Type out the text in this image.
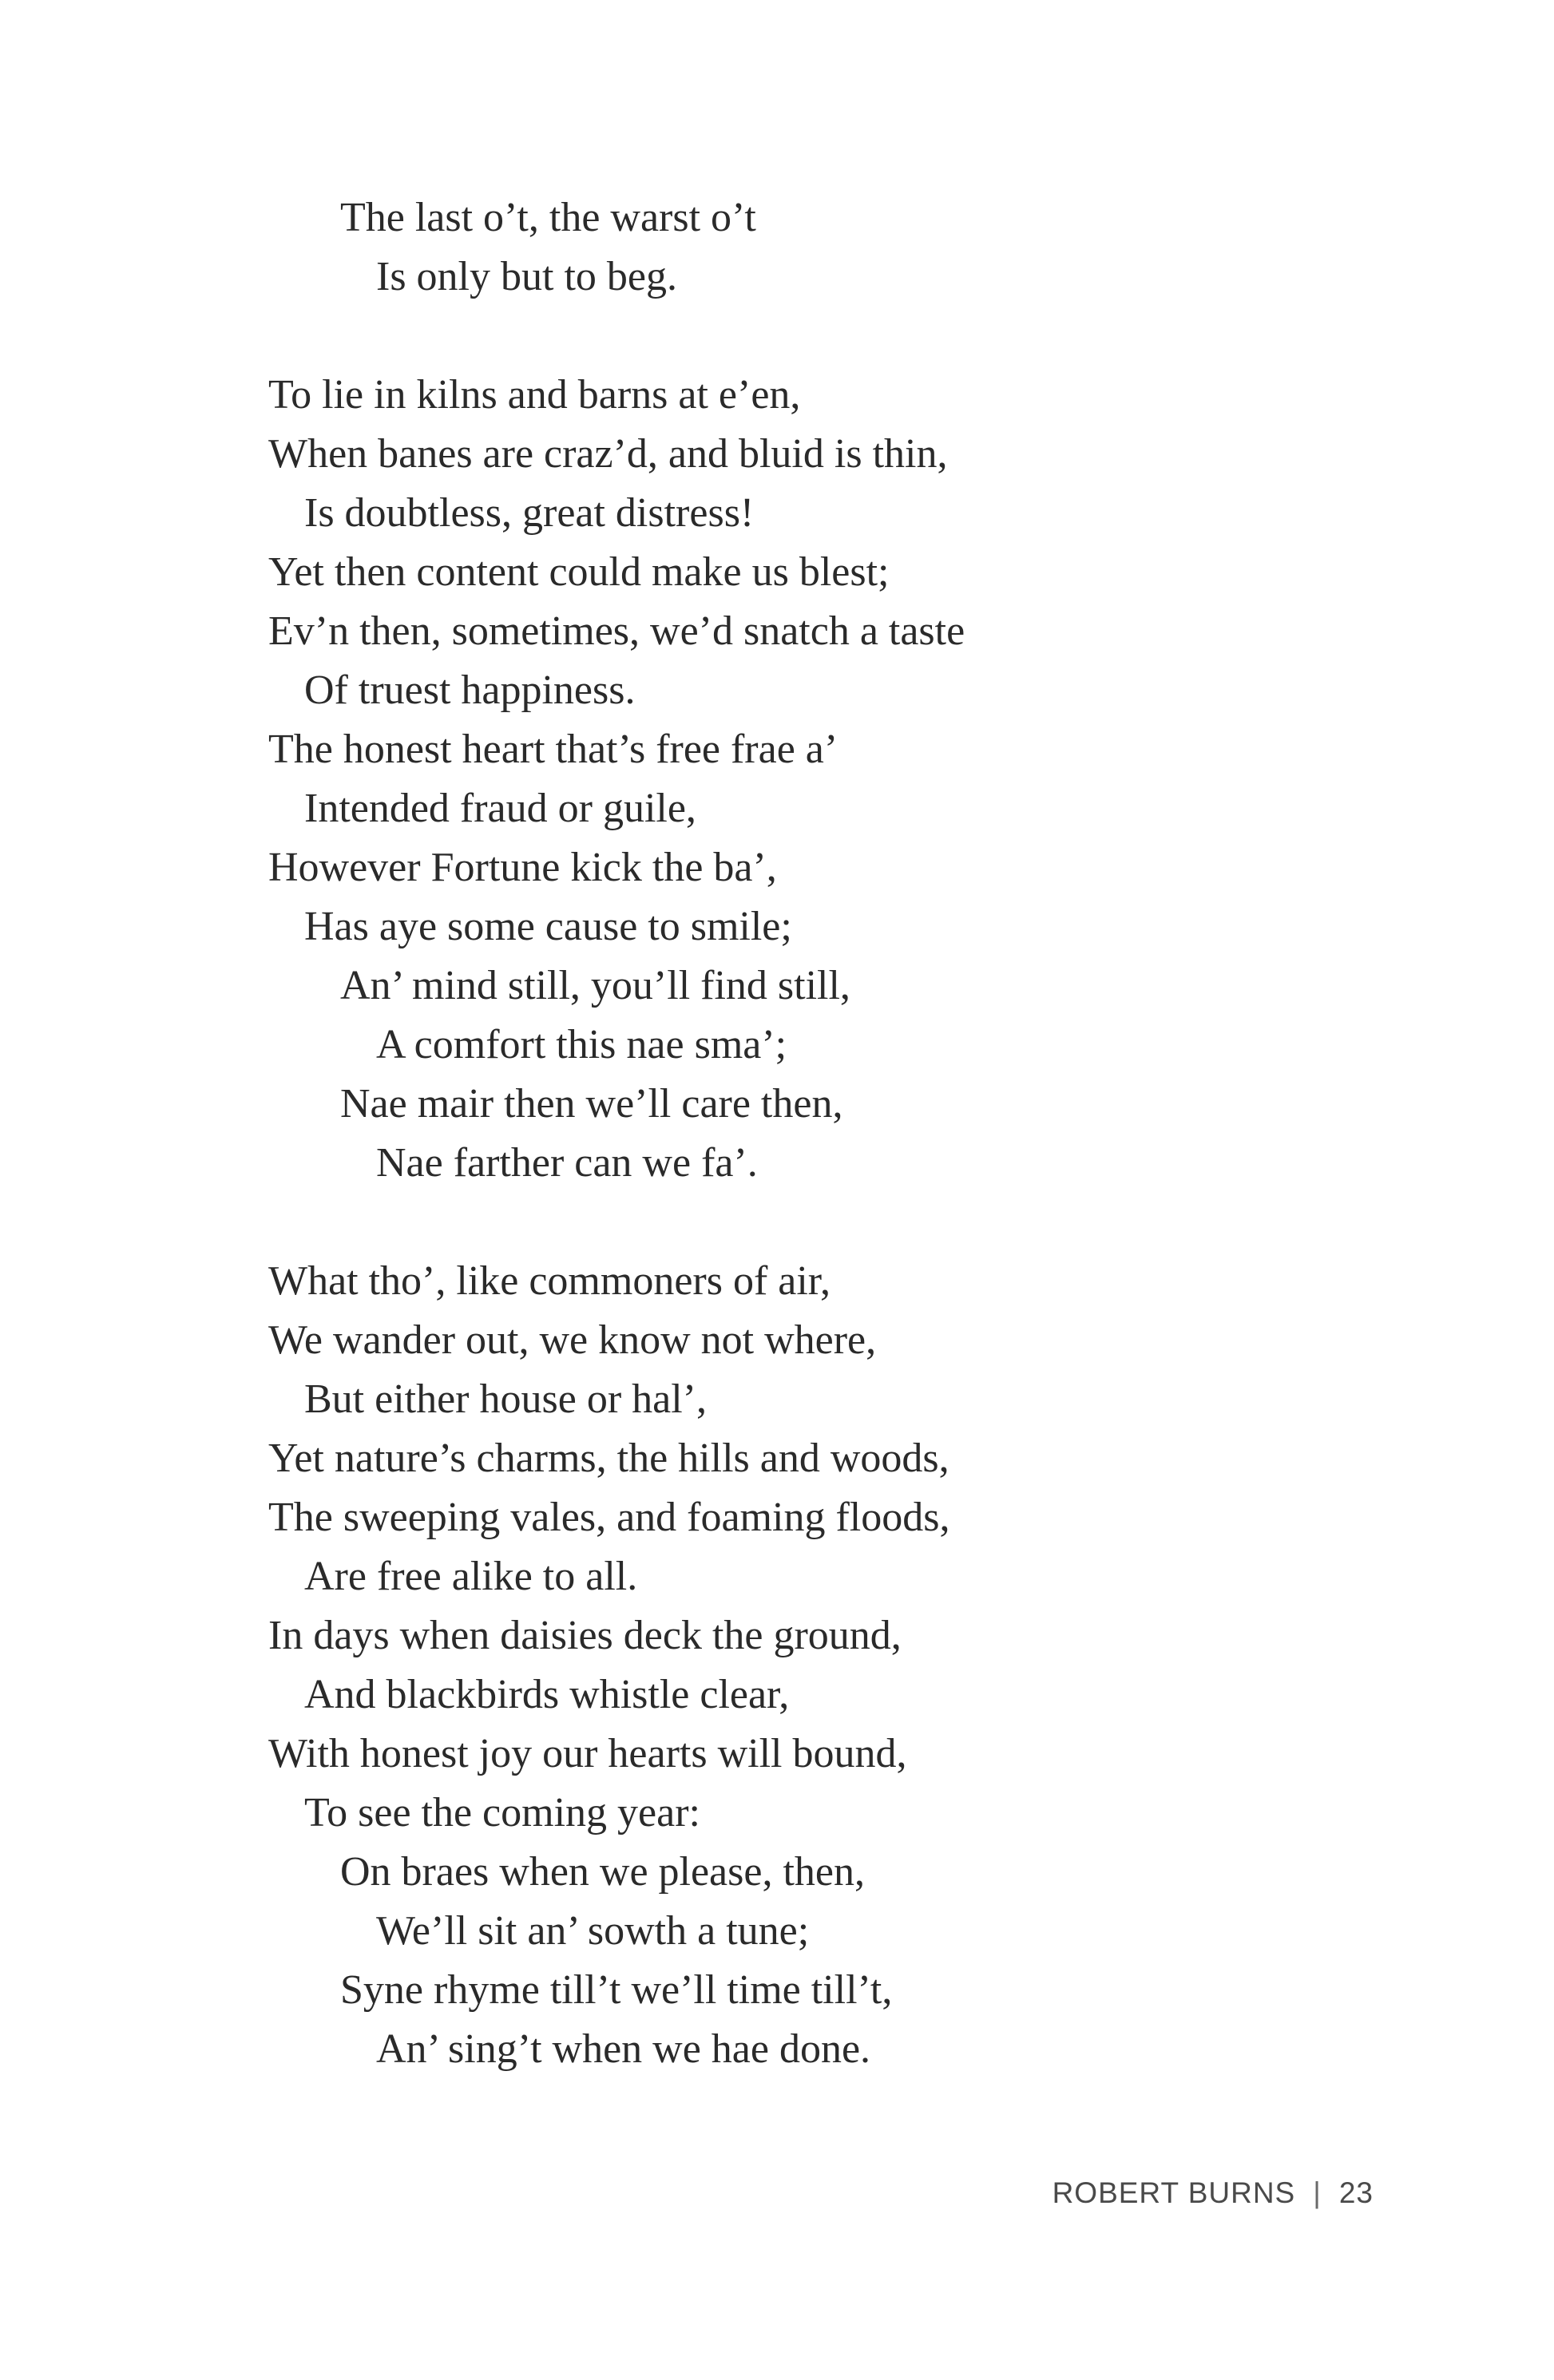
The last o’t, the warst o’t
Is only but to beg.
To lie in kilns and barns at e’en,
When banes are craz’d, and bluid is thin,
Is doubtless, great distress!
Yet then content could make us blest;
Ev’n then, sometimes, we’d snatch a taste
Of truest happiness.
The honest heart that’s free frae a’
Intended fraud or guile,
However Fortune kick the ba’,
Has aye some cause to smile;
An’ mind still, you’ll find still,
A comfort this nae sma’;
Nae mair then we’ll care then,
Nae farther can we fa’.
What tho’, like commoners of air,
We wander out, we know not where,
But either house or hal’,
Yet nature’s charms, the hills and woods,
The sweeping vales, and foaming floods,
Are free alike to all.
In days when daisies deck the ground,
And blackbirds whistle clear,
With honest joy our hearts will bound,
To see the coming year:
On braes when we please, then,
We’ll sit an’ sowth a tune;
Syne rhyme till’t we’ll time till’t,
An’ sing’t when we hae done.
ROBERT BURNS | 23
